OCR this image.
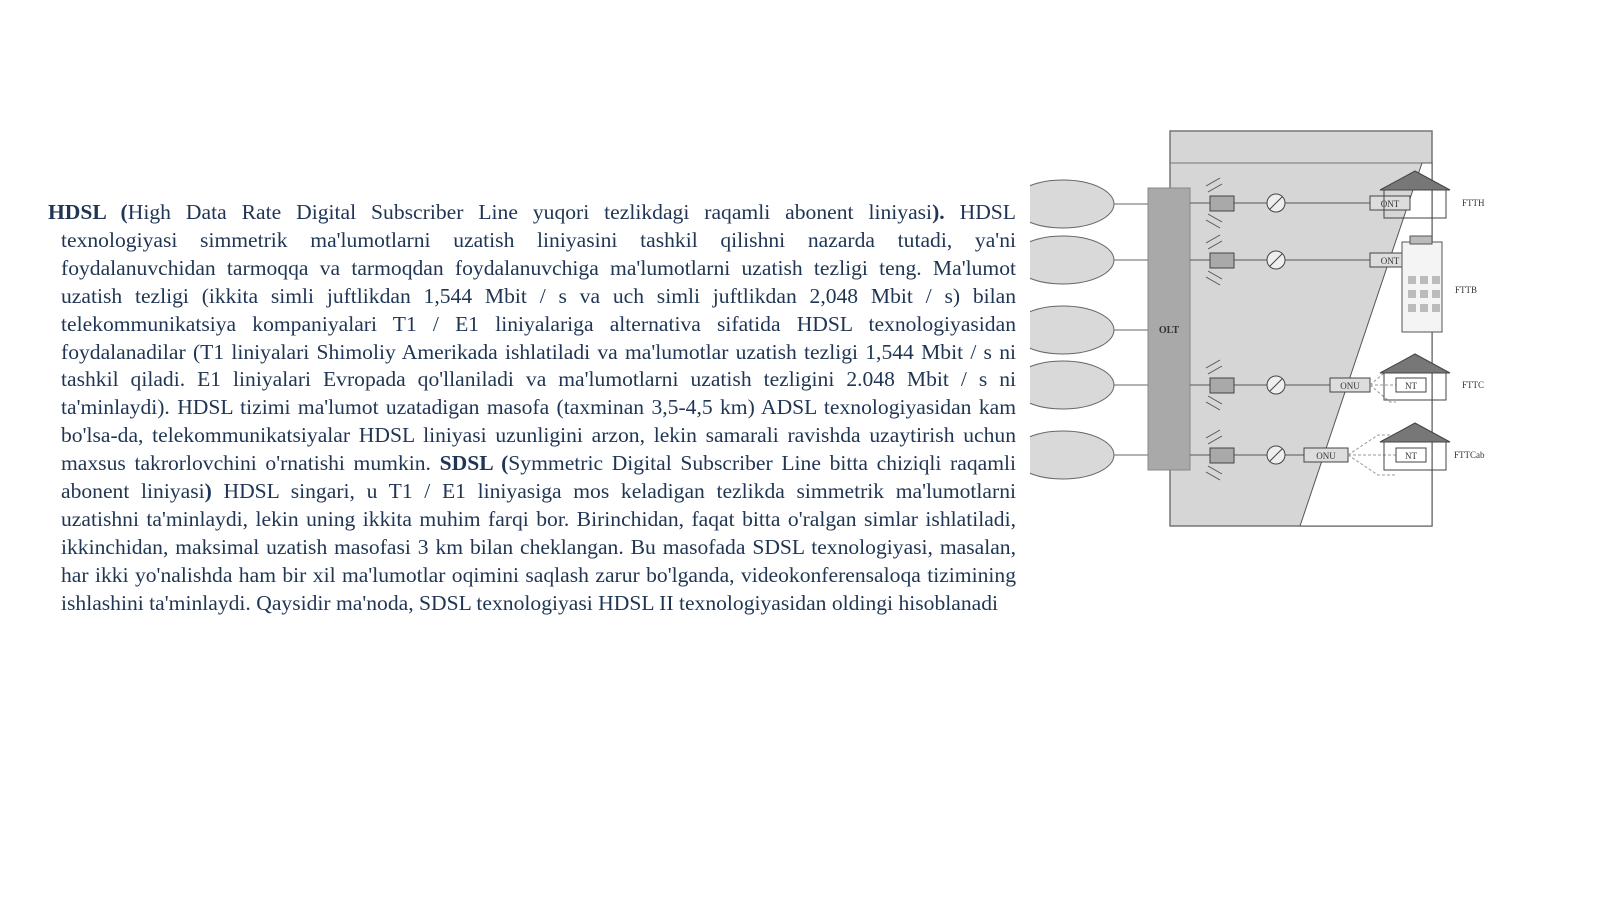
HDSL (High Data Rate Digital Subscriber Line yuqori tezlikdagi raqamli abonent liniyasi). HDSL texnologiyasi simmetrik ma'lumotlarni uzatish liniyasini tashkil qilishni nazarda tutadi, ya'ni foydalanuvchidan tarmoqqa va tarmoqdan foydalanuvchiga ma'lumotlarni uzatish tezligi teng. Ma'lumot uzatish tezligi (ikkita simli juftlikdan 1,544 Mbit / s va uch simli juftlikdan 2,048 Mbit / s) bilan telekommunikatsiya kompaniyalari T1 / E1 liniyalariga alternativa sifatida HDSL texnologiyasidan foydalanadilar (T1 liniyalari Shimoliy Amerikada ishlatiladi va ma'lumotlar uzatish tezligi 1,544 Mbit / s ni tashkil qiladi. E1 liniyalari Evropada qo'llaniladi va ma'lumotlarni uzatish tezligini 2.048 Mbit / s ni ta'minlaydi). HDSL tizimi ma'lumot uzatadigan masofa (taxminan 3,5-4,5 km) ADSL texnologiyasidan kam bo'lsa-da, telekommunikatsiyalar HDSL liniyasi uzunligini arzon, lekin samarali ravishda uzaytirish uchun maxsus takrorlovchini o'rnatishi mumkin. SDSL (Symmetric Digital Subscriber Line bitta chiziqli raqamli abonent liniyasi) HDSL singari, u T1 / E1 liniyasiga mos keladigan tezlikda simmetrik ma'lumotlarni uzatishni ta'minlaydi, lekin uning ikkita muhim farqi bor. Birinchidan, faqat bitta o'ralgan simlar ishlatiladi, ikkinchidan, maksimal uzatish masofasi 3 km bilan cheklangan. Bu masofada SDSL texnologiyasi, masalan, har ikki yo'nalishda ham bir xil ma'lumotlar oqimini saqlash zarur bo'lganda, videokonferensaloqa tizimining ishlashini ta'minlaydi. Qaysidir ma'noda, SDSL texnologiyasi HDSL II texnologiyasidan oldingi hisoblanadi

OLT
ONT	FTTH
ONT
FTTB
ONU	NT	FTTC
ONU	NT	FTTCab
